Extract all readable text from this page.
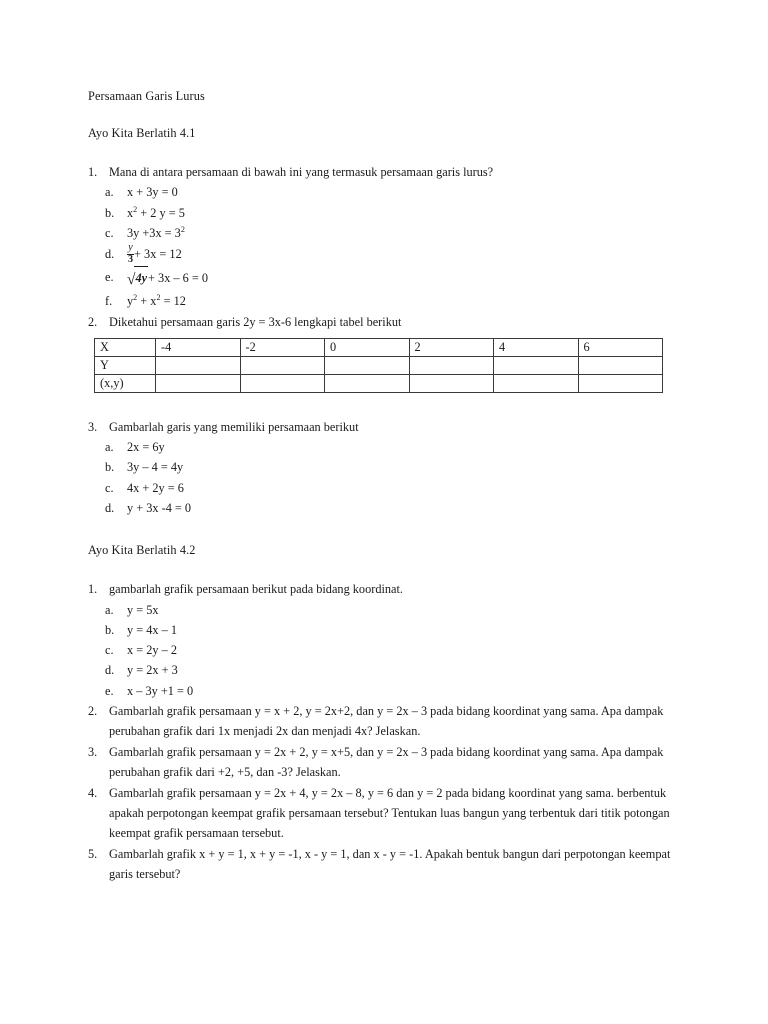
Persamaan Garis Lurus
Ayo Kita Berlatih 4.1
1. Mana di antara persamaan di bawah ini yang termasuk persamaan garis lurus?
a. x + 3y = 0
b. $x^2 + 2$ y = 5
c. $3y +3x = 3^2$
d. $\frac{y}{3} + 3x = 12$
e. √4y+ 3x – 6 = 0
f. $y^2 + x^2 = 12$
2. Diketahui persamaan garis 2y = 3x-6 lengkapi tabel berikut
X	-4	-2	0	2	4	6
Y						
(x,y)						
3. Gambarlah garis yang memiliki persamaan berikut
a. 2x = 6y
b. 3y – 4 = 4y
c. 4x + 2y = 6
d. y + 3x -4 = 0
Ayo Kita Berlatih 4.2
1. gambarlah grafik persamaan berikut pada bidang koordinat.
a. y = 5x
b. y = 4x – 1
c. x = 2y – 2
d. y = 2x + 3
e. x – 3y +1 = 0
2. Gambarlah grafik persamaan y = x + 2, y = 2x+2, dan y = 2x – 3 pada bidang koordinat yang sama. Apa dampak perubahan grafik dari 1x menjadi 2x dan menjadi 4x? Jelaskan.
3. Gambarlah grafik persamaan y = 2x + 2, y = x+5, dan y = 2x – 3 pada bidang koordinat yang sama. Apa dampak perubahan grafik dari +2, +5, dan -3? Jelaskan.
4. Gambarlah grafik persamaan y = 2x + 4, y = 2x – 8, y = 6 dan y = 2 pada bidang koordinat yang sama. berbentuk apakah perpotongan keempat grafik persamaan tersebut? Tentukan luas bangun yang terbentuk dari titik potongan keempat grafik persamaan tersebut.
5. Gambarlah grafik x + y = 1, x + y = -1, x - y = 1, dan x - y = -1. Apakah bentuk bangun dari perpotongan keempat garis tersebut?
